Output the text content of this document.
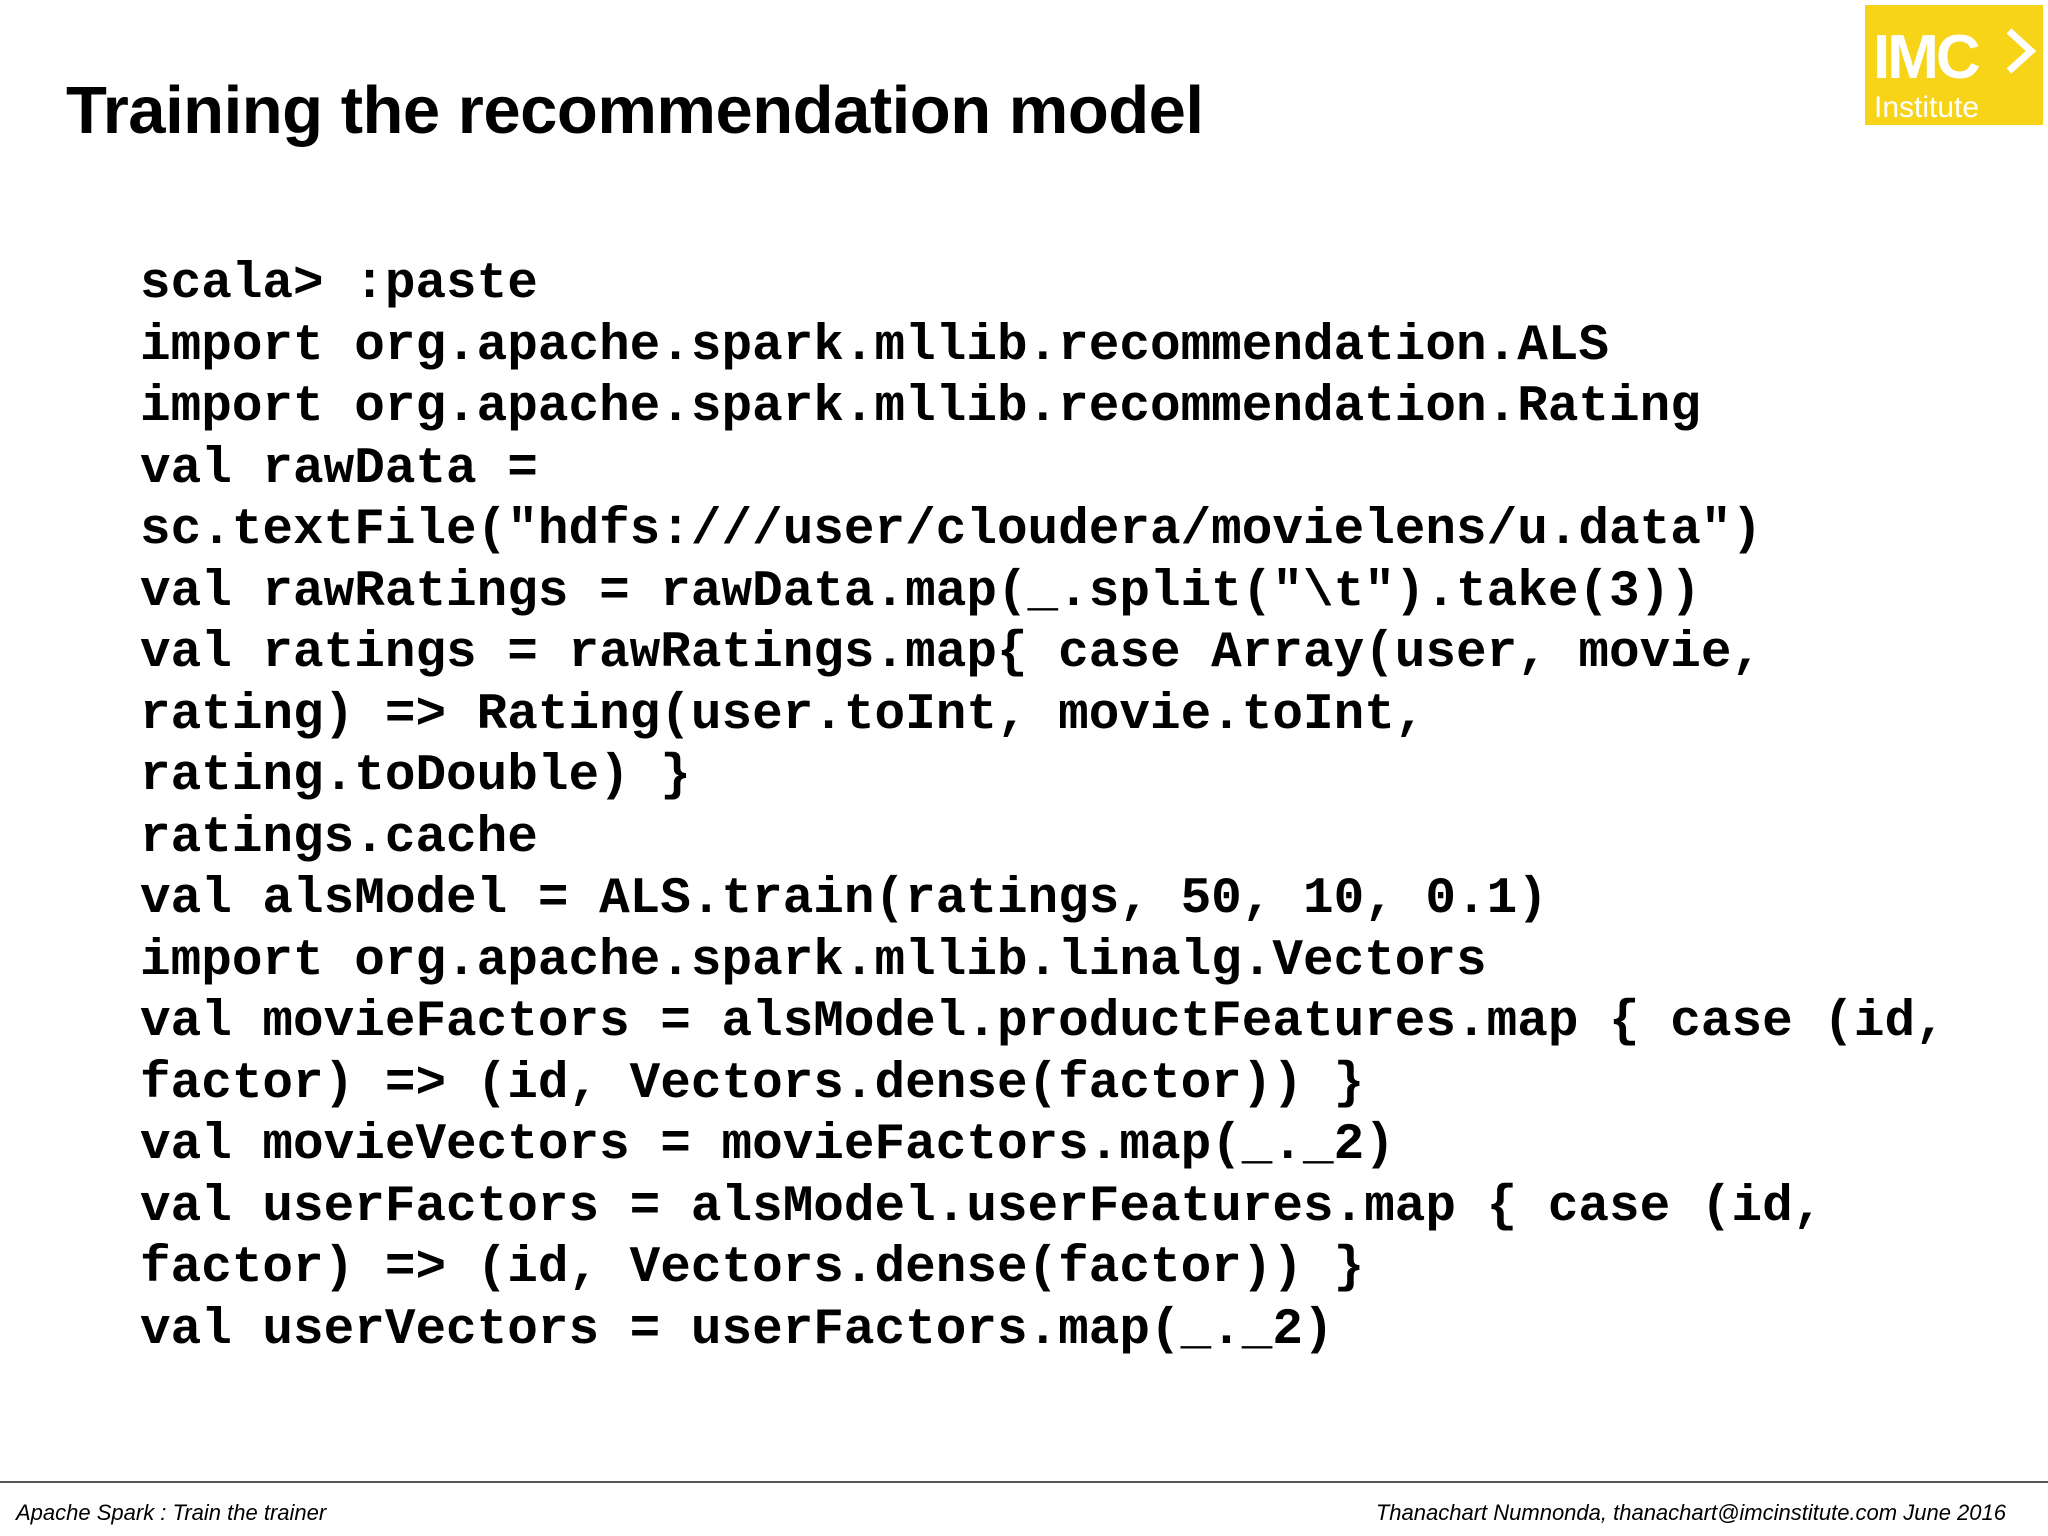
Training the recommendation model
IMC
Institute
scala> :paste
import org.apache.spark.mllib.recommendation.ALS
import org.apache.spark.mllib.recommendation.Rating
val rawData =
sc.textFile("hdfs:///user/cloudera/movielens/u.data")
val rawRatings = rawData.map(_.split("\t").take(3))
val ratings = rawRatings.map{ case Array(user, movie,
rating) => Rating(user.toInt, movie.toInt,
rating.toDouble) }
ratings.cache
val alsModel = ALS.train(ratings, 50, 10, 0.1)
import org.apache.spark.mllib.linalg.Vectors
val movieFactors = alsModel.productFeatures.map { case (id,
factor) => (id, Vectors.dense(factor)) }
val movieVectors = movieFactors.map(_._2)
val userFactors = alsModel.userFeatures.map { case (id,
factor) => (id, Vectors.dense(factor)) }
val userVectors = userFactors.map(_._2)
Apache Spark : Train the trainer	Thanachart Numnonda, thanachart@imcinstitute.com June 2016
